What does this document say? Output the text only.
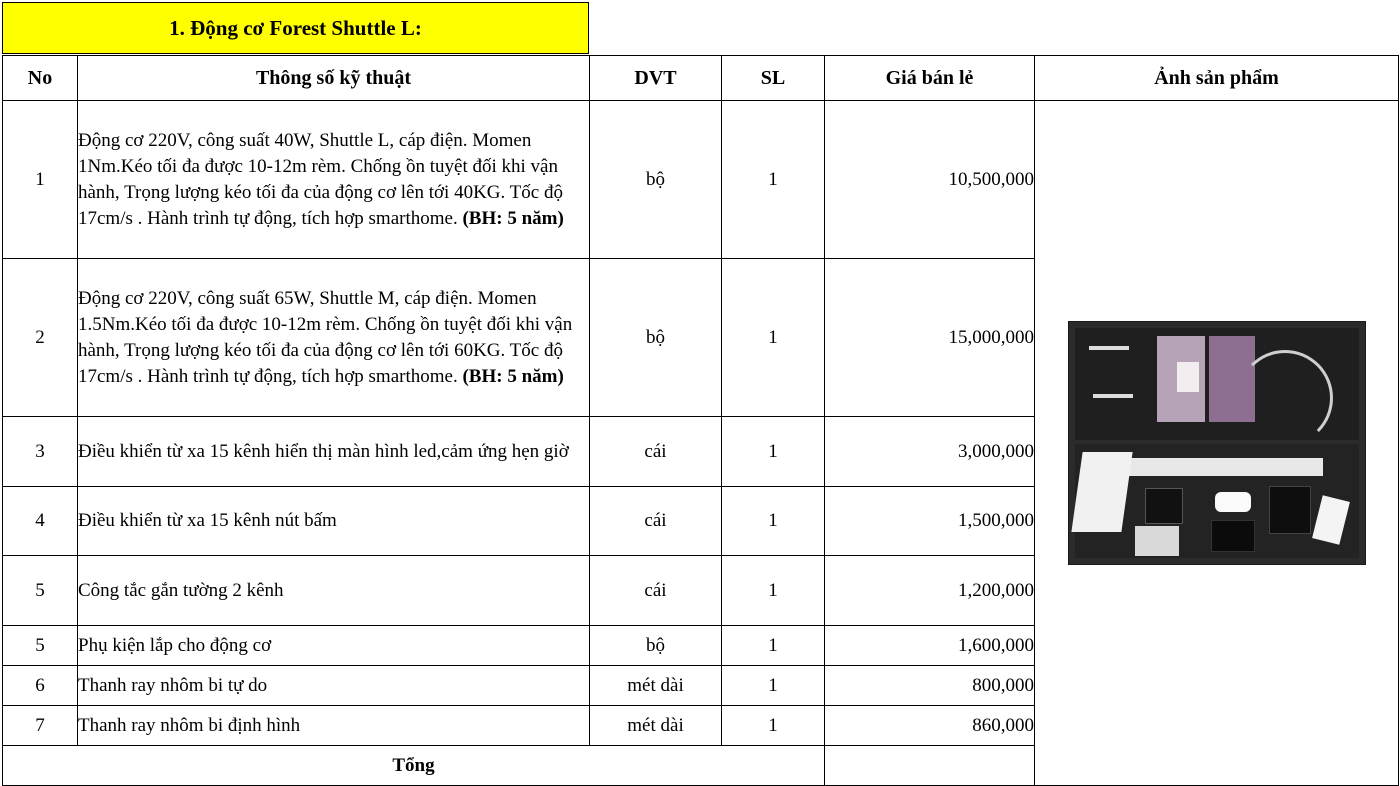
1. Động cơ Forest Shuttle L:
No	Thông số kỹ thuật	DVT	SL	Giá bán lẻ	Ảnh sản phẩm
1	Động cơ 220V, công suất 40W, Shuttle L, cáp điện. Momen 1Nm.Kéo tối đa được 10-12m rèm. Chống ồn tuyệt đối khi vận hành, Trọng lượng kéo tối đa của động cơ lên tới 40KG. Tốc độ 17cm/s . Hành trình tự động, tích hợp smarthome. (BH: 5 năm)	bộ	1	10,500,000	

2	Động cơ 220V, công suất 65W, Shuttle M, cáp điện. Momen 1.5Nm.Kéo tối đa được 10-12m rèm. Chống ồn tuyệt đối khi vận hành, Trọng lượng kéo tối đa của động cơ lên tới 60KG. Tốc độ 17cm/s . Hành trình tự động, tích hợp smarthome. (BH: 5 năm)	bộ	1	15,000,000	
3	Điều khiển từ xa 15 kênh hiển thị màn hình led,cảm ứng hẹn giờ	cái	1	3,000,000	
4	Điều khiển từ xa 15 kênh nút bấm	cái	1	1,500,000	
5	Công tắc gắn tường 2 kênh	cái	1	1,200,000	
5	Phụ kiện lắp cho động cơ	bộ	1	1,600,000	
6	Thanh ray nhôm bi tự do	mét dài	1	800,000	
7	Thanh ray nhôm bi định hình	mét dài	1	860,000	
Tổng					
